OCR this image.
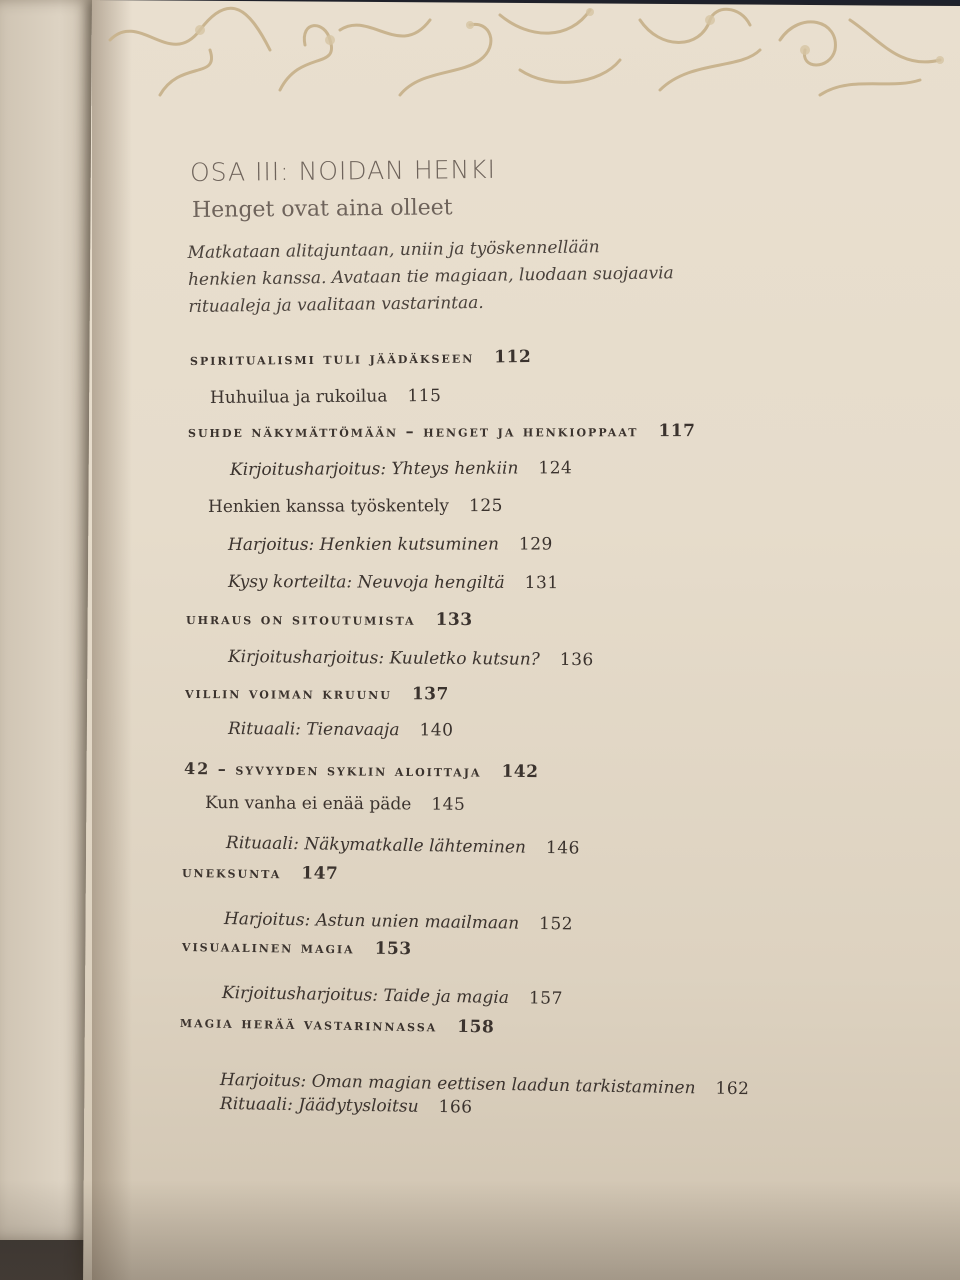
OSA III: NOIDAN HENKI
Henget ovat aina olleet
Matkataan alitajuntaan, uniin ja työskennellään
henkien kanssa. Avataan tie magiaan, luodaan suojaavia
rituaaleja ja vaalitaan vastarintaa.
spiritualismi tuli jäädäkseen 112
Huhuilua ja rukoilua 115
suhde näkymättömään – henget ja henkioppaat 117
Kirjoitusharjoitus: Yhteys henkiin 124
Henkien kanssa työskentely 125
Harjoitus: Henkien kutsuminen 129
Kysy korteilta: Neuvoja hengiltä 131
uhraus on sitoutumista 133
Kirjoitusharjoitus: Kuuletko kutsun? 136
villin voiman kruunu 137
Rituaali: Tienavaaja 140
42 – syvyyden syklin aloittaja 142
Kun vanha ei enää päde 145
Rituaali: Näkymatkalle lähteminen 146
uneksunta 147
Harjoitus: Astun unien maailmaan 152
visuaalinen magia 153
Kirjoitusharjoitus: Taide ja magia 157
magia herää vastarinnassa 158
Harjoitus: Oman magian eettisen laadun tarkistaminen 162
Rituaali: Jäädytysloitsu 166
